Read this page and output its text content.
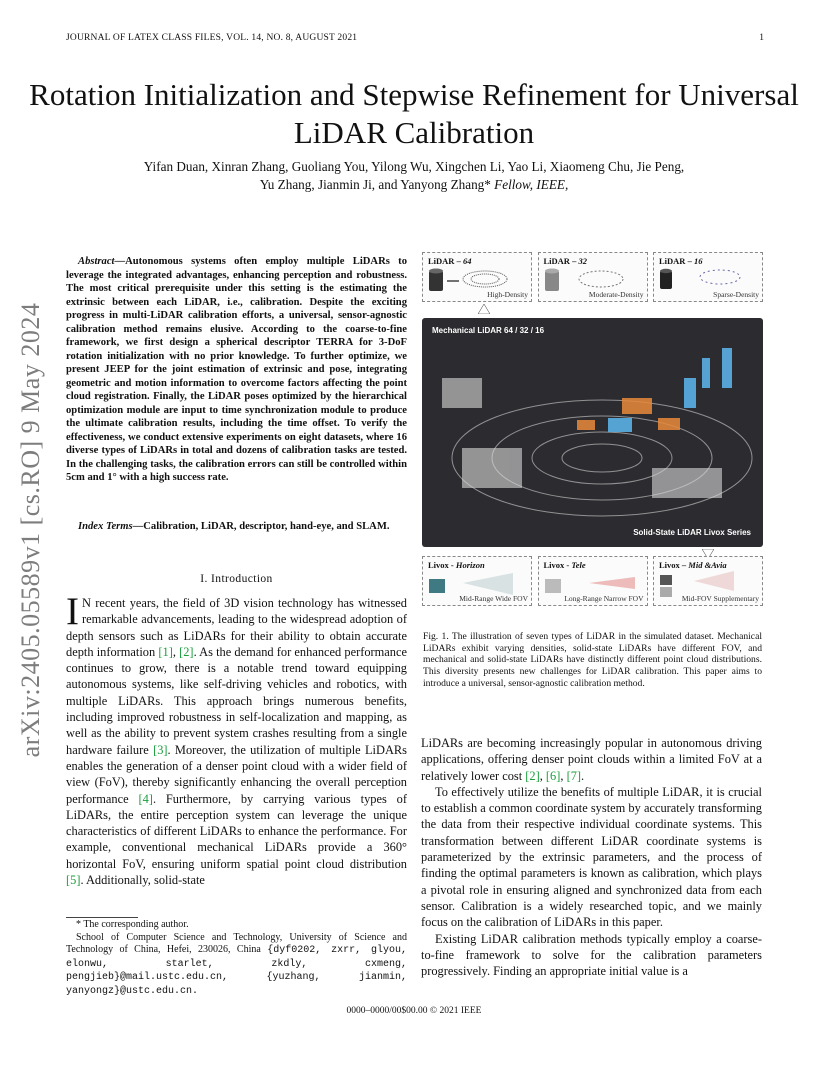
JOURNAL OF LATEX CLASS FILES, VOL. 14, NO. 8, AUGUST 2021	1
Rotation Initialization and Stepwise Refinement for Universal LiDAR Calibration
Yifan Duan, Xinran Zhang, Guoliang You, Yilong Wu, Xingchen Li, Yao Li, Xiaomeng Chu, Jie Peng,
Yu Zhang, Jianmin Ji, and Yanyong Zhang* Fellow, IEEE,
arXiv:2405.05589v1 [cs.RO] 9 May 2024
Abstract—Autonomous systems often employ multiple LiDARs to leverage the integrated advantages, enhancing perception and robustness. The most critical prerequisite under this setting is the estimating the extrinsic between each LiDAR, i.e., calibration. Despite the exciting progress in multi-LiDAR calibration efforts, a universal, sensor-agnostic calibration method remains elusive. According to the coarse-to-fine framework, we first design a spherical descriptor TERRA for 3-DoF rotation initialization with no prior knowledge. To further optimize, we present JEEP for the joint estimation of extrinsic and pose, integrating geometric and motion information to overcome factors affecting the point cloud registration. Finally, the LiDAR poses optimized by the hierarchical optimization module are input to time synchronization module to produce the ultimate calibration results, including the time offset. To verify the effectiveness, we conduct extensive experiments on eight datasets, where 16 diverse types of LiDARs in total and dozens of calibration tasks are tested. In the challenging tasks, the calibration errors can still be controlled within 5cm and 1° with a high success rate.
Index Terms—Calibration, LiDAR, descriptor, hand-eye, and SLAM.
I. Introduction
I N recent years, the field of 3D vision technology has witnessed remarkable advancements, leading to the widespread adoption of depth sensors such as LiDARs for their ability to obtain accurate depth information [1], [2]. As the demand for enhanced performance continues to grow, there is a notable trend toward equipping autonomous systems, like self-driving vehicles and robotics, with multiple LiDARs. This approach brings numerous benefits, including improved robustness in self-localization and mapping, as well as the ability to prevent system crashes resulting from a single hardware failure [3]. Moreover, the utilization of multiple LiDARs enables the generation of a denser point cloud with a wider field of view (FoV), thereby significantly enhancing the overall perception performance [4]. Furthermore, by carrying various types of LiDARs, the entire perception system can leverage the unique characteristics of different LiDARs to enhance the performance. For example, conventional mechanical LiDARs provide a 360° horizontal FoV, ensuring uniform spatial point cloud distribution [5]. Additionally, solid-state
* The corresponding author.
School of Computer Science and Technology, University of Science and Technology of China, Hefei, 230026, China {dyf0202, zxrr, glyou, elonwu, starlet, zkdly, cxmeng, pengjieb}@mail.ustc.edu.cn, {yuzhang, jianmin, yanyongz}@ustc.edu.cn.
0000–0000/00$00.00 © 2021 IEEE
LiDAR – 64
High-Density
LiDAR – 32
Moderate-Density
LiDAR – 16
Sparse-Density
Mechanical LiDAR 64 / 32 / 16
Solid-State LiDAR Livox Series
Livox - Horizon
Mid-Range Wide FOV
Livox - Tele
Long-Range Narrow FOV
Livox – Mid &Avia
Mid-FOV Supplementary
Fig. 1. The illustration of seven types of LiDAR in the simulated dataset. Mechanical LiDARs exhibit varying densities, solid-state LiDARs have different FOV, and mechanical and solid-state LiDARs have distinctly different point cloud distributions. This diversity presents new challenges for LiDAR calibration. This paper aims to introduce a universal, sensor-agnostic calibration method.

LiDARs are becoming increasingly popular in autonomous driving applications, offering denser point clouds within a limited FoV at a relatively lower cost [2], [6], [7].

To effectively utilize the benefits of multiple LiDAR, it is crucial to establish a common coordinate system by accurately transforming the data from their respective individual coordinate systems. This transformation between different LiDAR coordinate systems is parameterized by the extrinsic parameters, and the process of finding the optimal parameters is known as calibration, which plays a pivotal role in ensuring aligned and synchronized data from each sensor. Calibration is a widely researched topic, and we mainly focus on the calibration of LiDARs in this paper.

Existing LiDAR calibration methods typically employ a coarse-to-fine framework to solve for the calibration parameters progressively. Finding an appropriate initial value is a
